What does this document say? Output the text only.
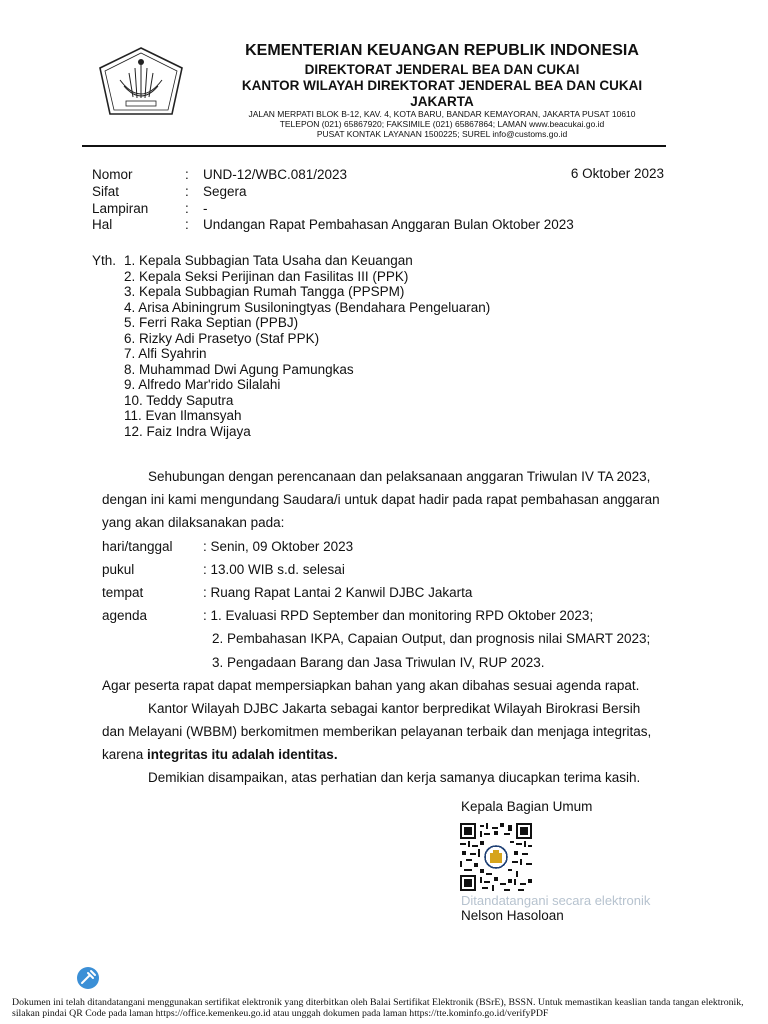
KEMENTERIAN KEUANGAN REPUBLIK INDONESIA
DIREKTORAT JENDERAL BEA DAN CUKAI
KANTOR WILAYAH DIREKTORAT JENDERAL BEA DAN CUKAI
JAKARTA
JALAN MERPATI BLOK B-12, KAV. 4, KOTA BARU, BANDAR KEMAYORAN, JAKARTA PUSAT 10610
TELEPON (021) 65867920; FAKSIMILE (021) 65867864; LAMAN www.beacukai.go.id
PUSAT KONTAK LAYANAN 1500225; SUREL info@customs.go.id
Nomor	: UND-12/WBC.081/2023	6 Oktober 2023
Sifat	: Segera
Lampiran	: -
Hal	: Undangan Rapat Pembahasan Anggaran Bulan Oktober 2023
Yth. 1. Kepala Subbagian Tata Usaha dan Keuangan
2. Kepala Seksi Perijinan dan Fasilitas III (PPK)
3. Kepala Subbagian Rumah Tangga (PPSPM)
4. Arisa Abiningrum Susiloningtyas (Bendahara Pengeluaran)
5. Ferri Raka Septian (PPBJ)
6. Rizky Adi Prasetyo (Staf PPK)
7. Alfi Syahrin
8. Muhammad Dwi Agung Pamungkas
9. Alfredo Mar'rido Silalahi
10. Teddy Saputra
11. Evan Ilmansyah
12. Faiz Indra Wijaya
Sehubungan dengan perencanaan dan pelaksanaan anggaran Triwulan IV TA 2023,
dengan ini kami mengundang Saudara/i untuk dapat hadir pada rapat pembahasan anggaran
yang akan dilaksanakan pada:
hari/tanggal : Senin, 09 Oktober 2023
pukul	: 13.00 WIB s.d. selesai
tempat	: Ruang Rapat Lantai 2 Kanwil DJBC Jakarta
agenda	: 1. Evaluasi RPD September dan monitoring RPD Oktober 2023;
2. Pembahasan IKPA, Capaian Output, dan prognosis nilai SMART 2023;
3. Pengadaan Barang dan Jasa Triwulan IV, RUP 2023.
Agar peserta rapat dapat mempersiapkan bahan yang akan dibahas sesuai agenda rapat.
Kantor Wilayah DJBC Jakarta sebagai kantor berpredikat Wilayah Birokrasi Bersih
dan Melayani (WBBM) berkomitmen memberikan pelayanan terbaik dan menjaga integritas,
karena integritas itu adalah identitas.
Demikian disampaikan, atas perhatian dan kerja samanya diucapkan terima kasih.
Kepala Bagian Umum
Ditandatangani secara elektronik
Nelson Hasoloan
Dokumen ini telah ditandatangani menggunakan sertifikat elektronik yang diterbitkan oleh Balai Sertifikat Elektronik (BSrE), BSSN. Untuk memastikan keaslian tanda tangan elektronik, silakan pindai QR Code pada laman https://office.kemenkeu.go.id atau unggah dokumen pada laman https://tte.kominfo.go.id/verifyPDF
